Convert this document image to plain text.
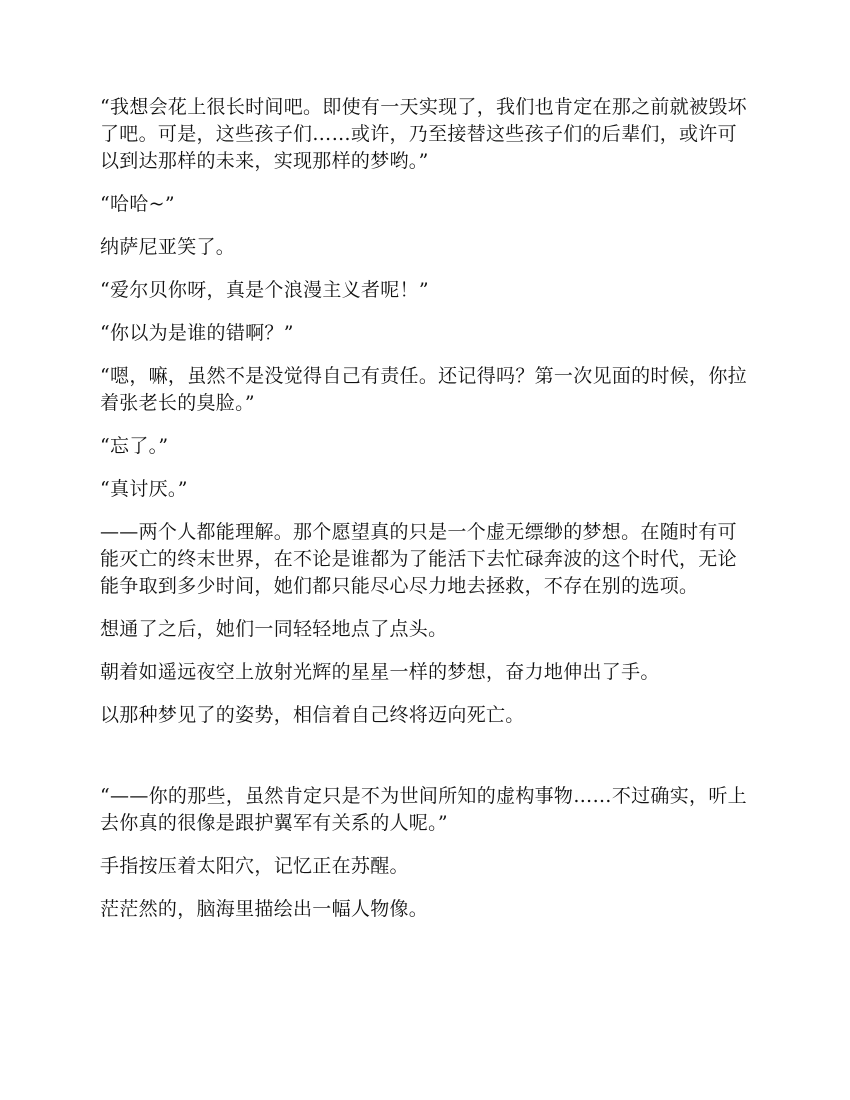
“我想会花上很长时间吧。即使有一天实现了，我们也肯定在那之前就被毁坏了吧。可是，这些孩子们……或许，乃至接替这些孩子们的后辈们，或许可以到达那样的未来，实现那样的梦哟。”

“哈哈~”

纳萨尼亚笑了。

“爱尔贝你呀，真是个浪漫主义者呢！”

“你以为是谁的错啊？”

“嗯，嘛，虽然不是没觉得自己有责任。还记得吗？第一次见面的时候，你拉着张老长的臭脸。”

“忘了。”

“真讨厌。”

——两个人都能理解。那个愿望真的只是一个虚无缥缈的梦想。在随时有可能灭亡的终末世界，在不论是谁都为了能活下去忙碌奔波的这个时代，无论能争取到多少时间，她们都只能尽心尽力地去拯救，不存在别的选项。

想通了之后，她们一同轻轻地点了点头。

朝着如遥远夜空上放射光辉的星星一样的梦想，奋力地伸出了手。

以那种梦见了的姿势，相信着自己终将迈向死亡。

“——你的那些，虽然肯定只是不为世间所知的虚构事物……不过确实，听上去你真的很像是跟护翼军有关系的人呢。”

手指按压着太阳穴，记忆正在苏醒。

茫茫然的，脑海里描绘出一幅人物像。
